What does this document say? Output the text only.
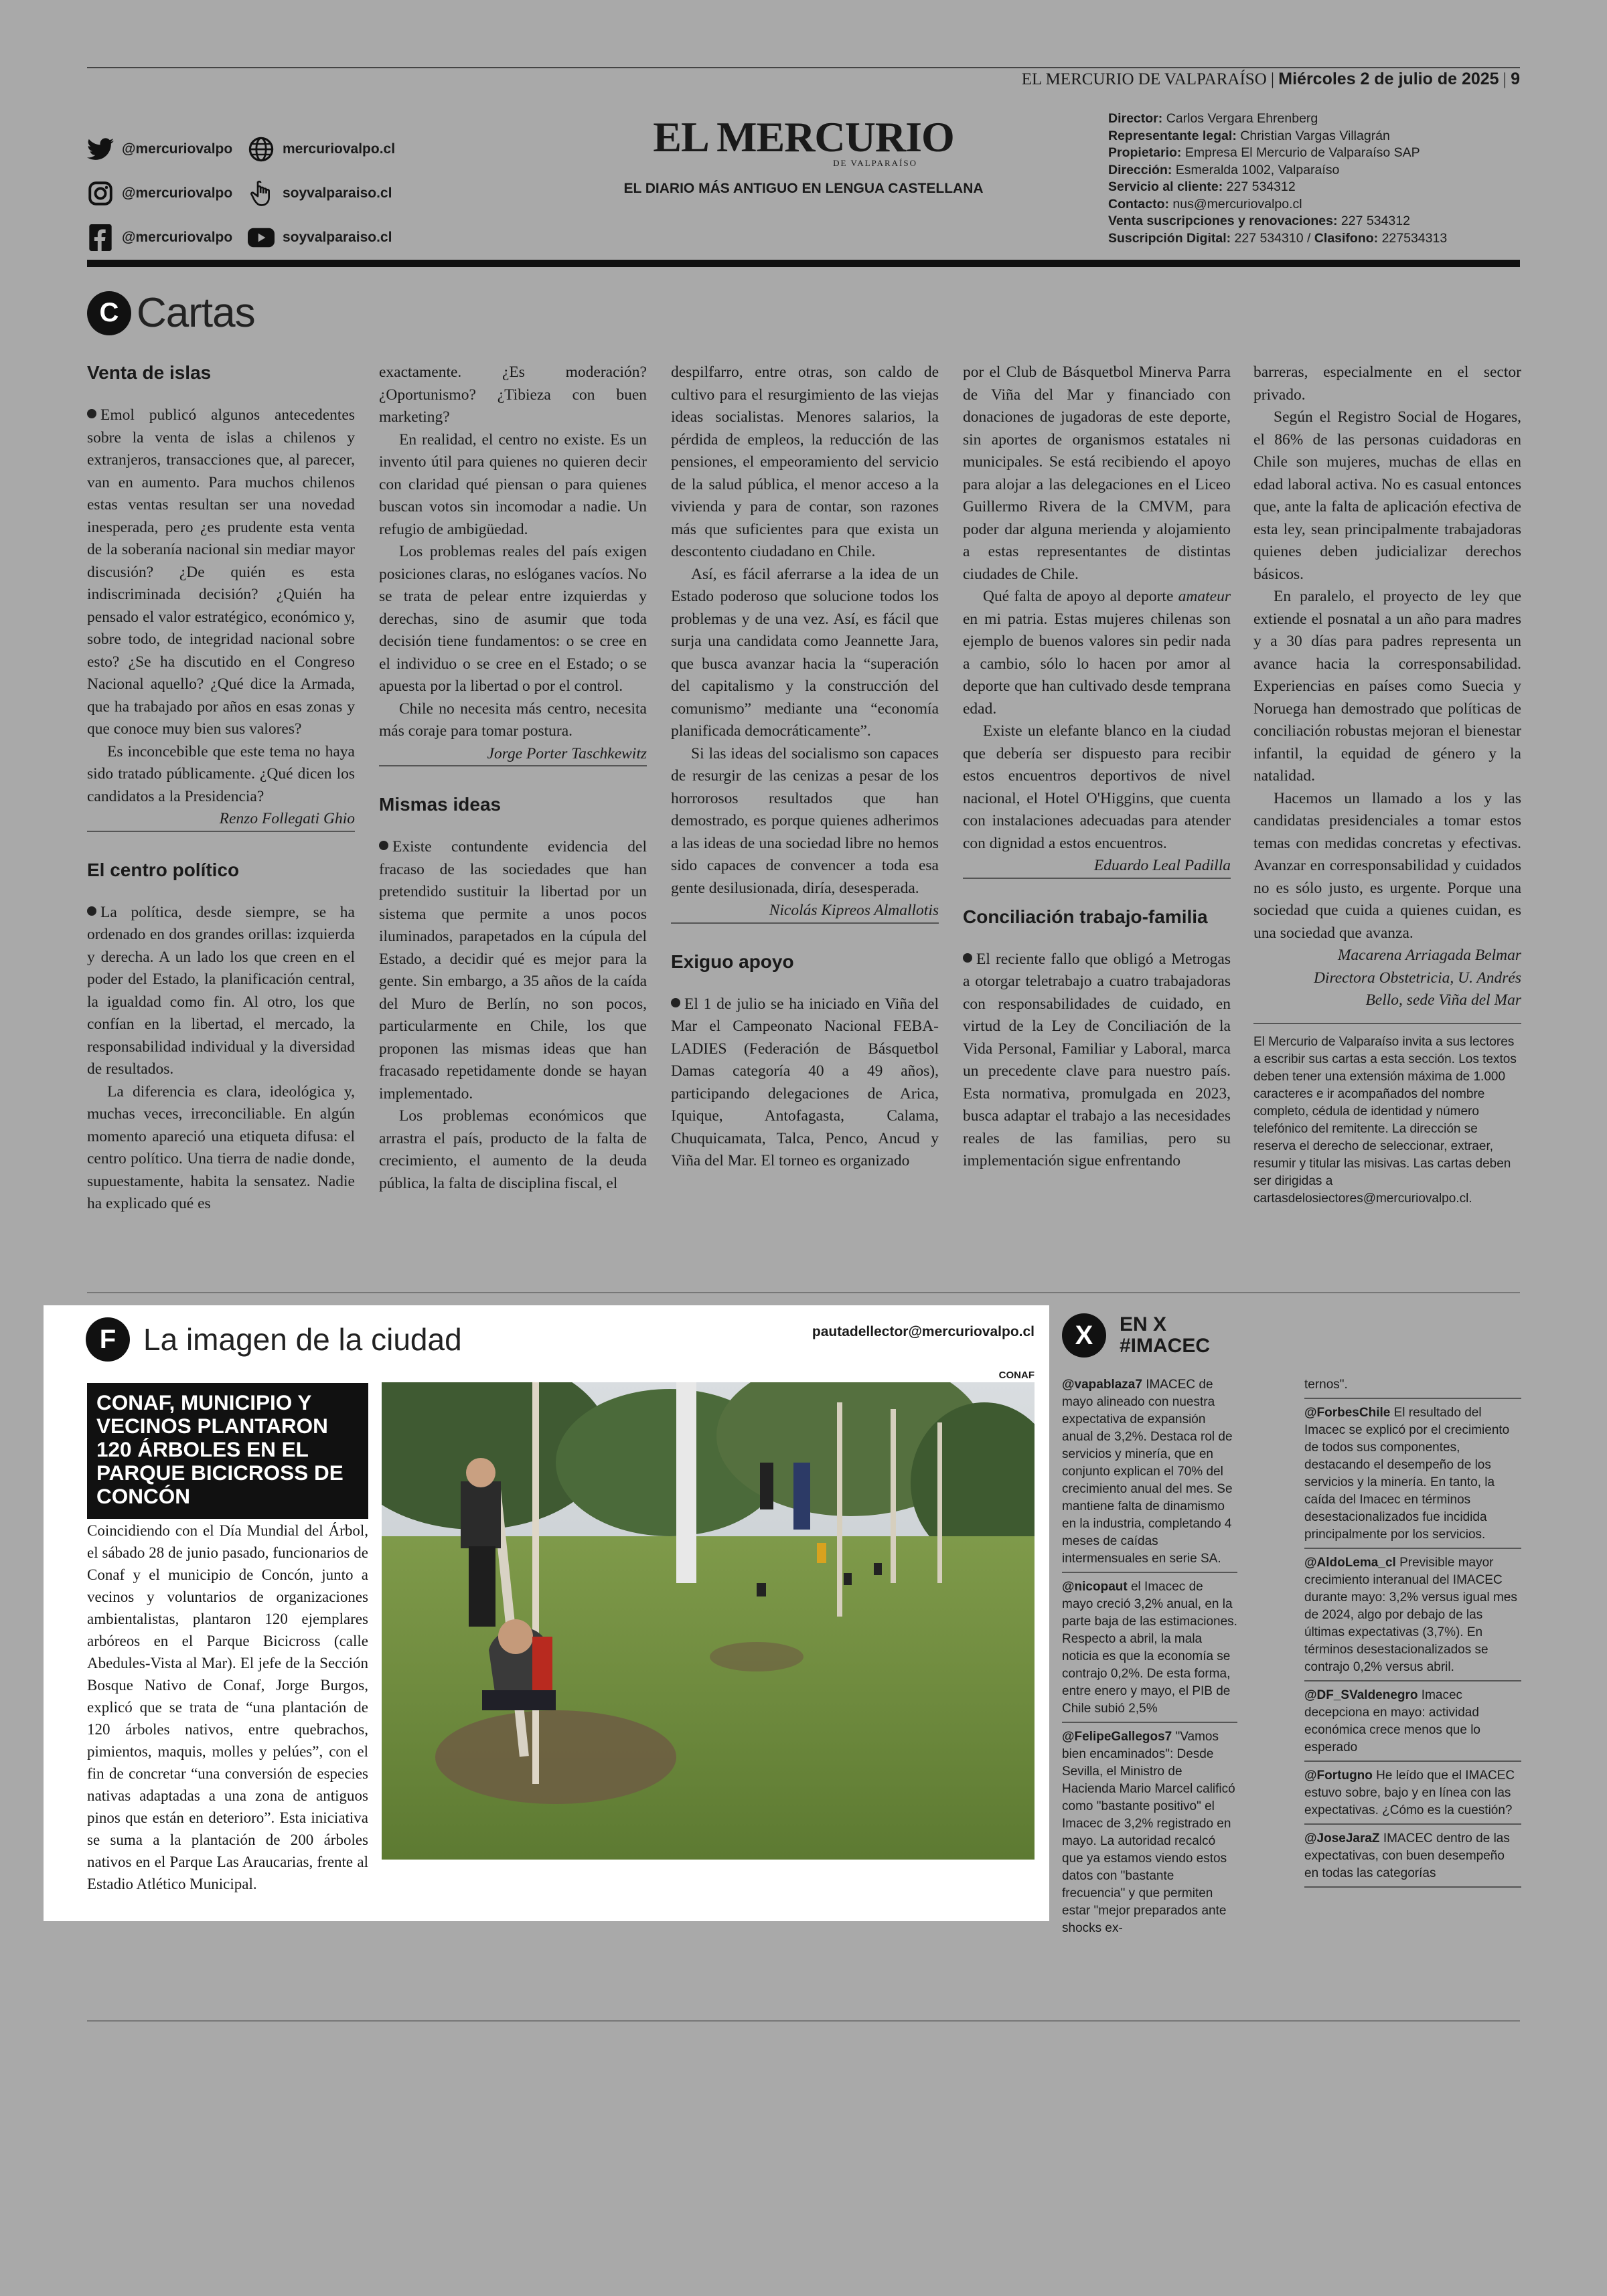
EL MERCURIO DE VALPARAÍSO | Miércoles 2 de julio de 2025 | 9
@mercuriovalpo	mercuriovalpo.cl
@mercuriovalpo	soyvalparaiso.cl
@mercuriovalpo	soyvalparaiso.cl
EL MERCURIO
DE VALPARAÍSO
EL DIARIO MÁS ANTIGUO EN LENGUA CASTELLANA
Director: Carlos Vergara Ehrenberg
Representante legal: Christian Vargas Villagrán
Propietario: Empresa El Mercurio de Valparaíso SAP
Dirección: Esmeralda 1002, Valparaíso
Servicio al cliente: 227 534312
Contacto: nus@mercuriovalpo.cl
Venta suscripciones y renovaciones: 227 534312
Suscripción Digital: 227 534310 / Clasifono: 227534313
C Cartas
Venta de islas

Emol publicó algunos antecedentes sobre la venta de islas a chilenos y extranjeros, transacciones que, al parecer, van en aumento. Para muchos chilenos estas ventas resultan ser una novedad inesperada, pero ¿es prudente esta venta de la soberanía nacional sin mediar mayor discusión? ¿De quién es esta indiscriminada decisión? ¿Quién ha pensado el valor estratégico, económico y, sobre todo, de integridad nacional sobre esto? ¿Se ha discutido en el Congreso Nacional aquello? ¿Qué dice la Armada, que ha trabajado por años en esas zonas y que conoce muy bien sus valores?

Es inconcebible que este tema no haya sido tratado públicamente. ¿Qué dicen los candidatos a la Presidencia?

Renzo Follegati Ghio

El centro político

La política, desde siempre, se ha ordenado en dos grandes orillas: izquierda y derecha. A un lado los que creen en el poder del Estado, la planificación central, la igualdad como fin. Al otro, los que confían en la libertad, el mercado, la responsabilidad individual y la diversidad de resultados.

La diferencia es clara, ideológica y, muchas veces, irreconciliable. En algún momento apareció una etiqueta difusa: el centro político. Una tierra de nadie donde, supuestamente, habita la sensatez. Nadie ha explicado qué es

exactamente. ¿Es moderación? ¿Oportunismo? ¿Tibieza con buen marketing?

En realidad, el centro no existe. Es un invento útil para quienes no quieren decir con claridad qué piensan o para quienes buscan votos sin incomodar a nadie. Un refugio de ambigüedad.

Los problemas reales del país exigen posiciones claras, no eslóganes vacíos. No se trata de pelear entre izquierdas y derechas, sino de asumir que toda decisión tiene fundamentos: o se cree en el individuo o se cree en el Estado; o se apuesta por la libertad o por el control.

Chile no necesita más centro, necesita más coraje para tomar postura.

Jorge Porter Taschkewitz

Mismas ideas

Existe contundente evidencia del fracaso de las sociedades que han pretendido sustituir la libertad por un sistema que permite a unos pocos iluminados, parapetados en la cúpula del Estado, a decidir qué es mejor para la gente. Sin embargo, a 35 años de la caída del Muro de Berlín, no son pocos, particularmente en Chile, los que proponen las mismas ideas que han fracasado repetidamente donde se hayan implementado.

Los problemas económicos que arrastra el país, producto de la falta de crecimiento, el aumento de la deuda pública, la falta de disciplina fiscal, el

despilfarro, entre otras, son caldo de cultivo para el resurgimiento de las viejas ideas socialistas. Menores salarios, la pérdida de empleos, la reducción de las pensiones, el empeoramiento del servicio de la salud pública, el menor acceso a la vivienda y para de contar, son razones más que suficientes para que exista un descontento ciudadano en Chile.

Así, es fácil aferrarse a la idea de un Estado poderoso que solucione todos los problemas y de una vez. Así, es fácil que surja una candidata como Jeannette Jara, que busca avanzar hacia la “superación del capitalismo y la construcción del comunismo” mediante una “economía planificada democráticamente”.

Si las ideas del socialismo son capaces de resurgir de las cenizas a pesar de los horrorosos resultados que han demostrado, es porque quienes adherimos a las ideas de una sociedad libre no hemos sido capaces de convencer a toda esa gente desilusionada, diría, desesperada.

Nicolás Kipreos Almallotis

Exiguo apoyo

El 1 de julio se ha iniciado en Viña del Mar el Campeonato Nacional FEBA-LADIES (Federación de Básquetbol Damas categoría 40 a 49 años), participando delegaciones de Arica, Iquique, Antofagasta, Calama, Chuquicamata, Talca, Penco, Ancud y Viña del Mar. El torneo es organizado

por el Club de Básquetbol Minerva Parra de Viña del Mar y financiado con donaciones de jugadoras de este deporte, sin aportes de organismos estatales ni municipales. Se está recibiendo el apoyo para alojar a las delegaciones en el Liceo Guillermo Rivera de la CMVM, para poder dar alguna merienda y alojamiento a estas representantes de distintas ciudades de Chile.

Qué falta de apoyo al deporte amateur en mi patria. Estas mujeres chilenas son ejemplo de buenos valores sin pedir nada a cambio, sólo lo hacen por amor al deporte que han cultivado desde temprana edad.

Existe un elefante blanco en la ciudad que debería ser dispuesto para recibir estos encuentros deportivos de nivel nacional, el Hotel O'Higgins, que cuenta con instalaciones adecuadas para atender con dignidad a estos encuentros.

Eduardo Leal Padilla

Conciliación trabajo-familia

El reciente fallo que obligó a Metrogas a otorgar teletrabajo a cuatro trabajadoras con responsabilidades de cuidado, en virtud de la Ley de Conciliación de la Vida Personal, Familiar y Laboral, marca un precedente clave para nuestro país. Esta normativa, promulgada en 2023, busca adaptar el trabajo a las necesidades reales de las familias, pero su implementación sigue enfrentando

barreras, especialmente en el sector privado.

Según el Registro Social de Hogares, el 86% de las personas cuidadoras en Chile son mujeres, muchas de ellas en edad laboral activa. No es casual entonces que, ante la falta de aplicación efectiva de esta ley, sean principalmente trabajadoras quienes deben judicializar derechos básicos.

En paralelo, el proyecto de ley que extiende el posnatal a un año para madres y a 30 días para padres representa un avance hacia la corresponsabilidad. Experiencias en países como Suecia y Noruega han demostrado que políticas de conciliación robustas mejoran el bienestar infantil, la equidad de género y la natalidad.

Hacemos un llamado a los y las candidatas presidenciales a tomar estos temas con medidas concretas y efectivas. Avanzar en corresponsabilidad y cuidados no es sólo justo, es urgente. Porque una sociedad que cuida a quienes cuidan, es una sociedad que avanza.

Macarena Arriagada Belmar

Directora Obstetricia, U. Andrés

Bello, sede Viña del Mar

El Mercurio de Valparaíso invita a sus lectores a escribir sus cartas a esta sección. Los textos deben tener una extensión máxima de 1.000 caracteres e ir acompañados del nombre completo, cédula de identidad y número telefónico del remitente. La dirección se reserva el derecho de seleccionar, extraer, resumir y titular las misivas. Las cartas deben ser dirigidas a cartasdelosiectores@mercuriovalpo.cl.
F La imagen de la ciudad	pautadellector@mercuriovalpo.cl
CONAF, MUNICIPIO Y VECINOS PLANTARON 120 ÁRBOLES EN EL PARQUE BICICROSS DE CONCÓN
Coincidiendo con el Día Mundial del Árbol, el sábado 28 de junio pasado, funcionarios de Conaf y el municipio de Concón, junto a vecinos y voluntarios de organizaciones ambientalistas, plantaron 120 ejemplares arbóreos en el Parque Bicicross (calle Abedules-Vista al Mar). El jefe de la Sección Bosque Nativo de Conaf, Jorge Burgos, explicó que se trata de “una plantación de 120 árboles nativos, entre quebrachos, pimientos, maquis, molles y pelúes”, con el fin de concretar “una conversión de especies nativas adaptadas a una zona de antiguos pinos que están en deterioro”. Esta iniciativa se suma a la plantación de 200 árboles nativos en el Parque Las Araucarias, frente al Estadio Atlético Municipal.
CONAF
X	EN X
#IMACEC
@vapablaza7 IMACEC de mayo alineado con nuestra expectativa de expansión anual de 3,2%. Destaca rol de servicios y minería, que en conjunto explican el 70% del crecimiento anual del mes. Se mantiene falta de dinamismo en la industria, completando 4 meses de caídas intermensuales en serie SA.
@nicopaut el Imacec de mayo creció 3,2% anual, en la parte baja de las estimaciones. Respecto a abril, la mala noticia es que la economía se contrajo 0,2%. De esta forma, entre enero y mayo, el PIB de Chile subió 2,5%
@FelipeGallegos7 "Vamos bien encaminados": Desde Sevilla, el Ministro de Hacienda Mario Marcel calificó como "bastante positivo" el Imacec de 3,2% registrado en mayo. La autoridad recalcó que ya estamos viendo estos datos con "bastante frecuencia" y que permiten estar "mejor preparados ante shocks ex-
ternos".
@ForbesChile El resultado del Imacec se explicó por el crecimiento de todos sus componentes, destacando el desempeño de los servicios y la minería. En tanto, la caída del Imacec en términos desestacionalizados fue incidida principalmente por los servicios.
@AldoLema_cl Previsible mayor crecimiento interanual del IMACEC durante mayo: 3,2% versus igual mes de 2024, algo por debajo de las últimas expectativas (3,7%). En términos desestacionalizados se contrajo 0,2% versus abril.
@DF_SValdenegro Imacec decepciona en mayo: actividad económica crece menos que lo esperado
@Fortugno He leído que el IMACEC estuvo sobre, bajo y en línea con las expectativas. ¿Cómo es la cuestión?
@JoseJaraZ IMACEC dentro de las expectativas, con buen desempeño en todas las categorías
